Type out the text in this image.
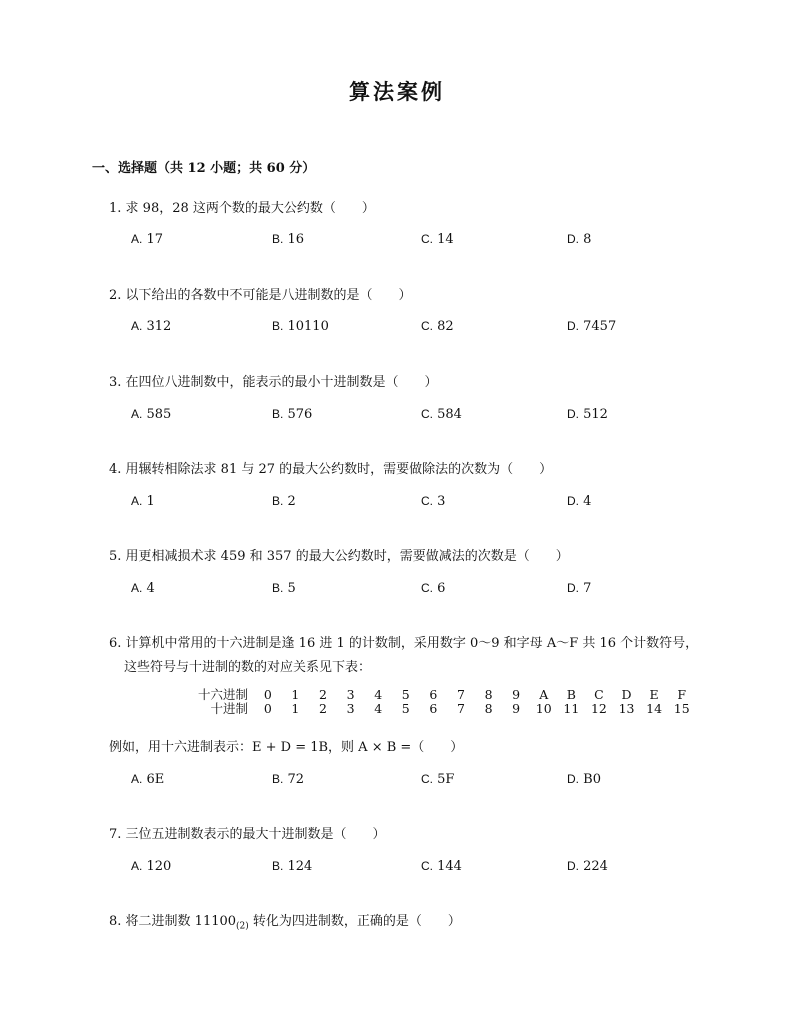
算法案例
一、选择题（共 12 小题；共 60 分）
1. 求 98，28 这两个数的最大公约数（　　）
A. 17	B. 16	C. 14	D. 8
2. 以下给出的各数中不可能是八进制数的是（　　）
A. 312	B. 10110	C. 82	D. 7457
3. 在四位八进制数中，能表示的最小十进制数是（　　）
A. 585	B. 576	C. 584	D. 512
4. 用辗转相除法求 81 与 27 的最大公约数时，需要做除法的次数为（　　）
A. 1	B. 2	C. 3	D. 4
5. 用更相减损术求 459 和 357 的最大公约数时，需要做减法的次数是（　　）
A. 4	B. 5	C. 6	D. 7
6. 计算机中常用的十六进制是逢 16 进 1 的计数制，采用数字 0～9 和字母 A～F 共 16 个计数符号，
这些符号与十进制的数的对应关系见下表：
十六进制	0	1	2	3	4	5	6	7	8	9	A	B	C	D	E	F
十进制	0	1	2	3	4	5	6	7	8	9	10	11	12	13	14	15
例如，用十六进制表示：E + D = 1B，则 A × B =（　　）
A. 6E	B. 72	C. 5F	D. B0
7. 三位五进制数表示的最大十进制数是（　　）
A. 120	B. 124	C. 144	D. 224
8. 将二进制数 $11100_{(2)}$ 转化为四进制数，正确的是（　　）
